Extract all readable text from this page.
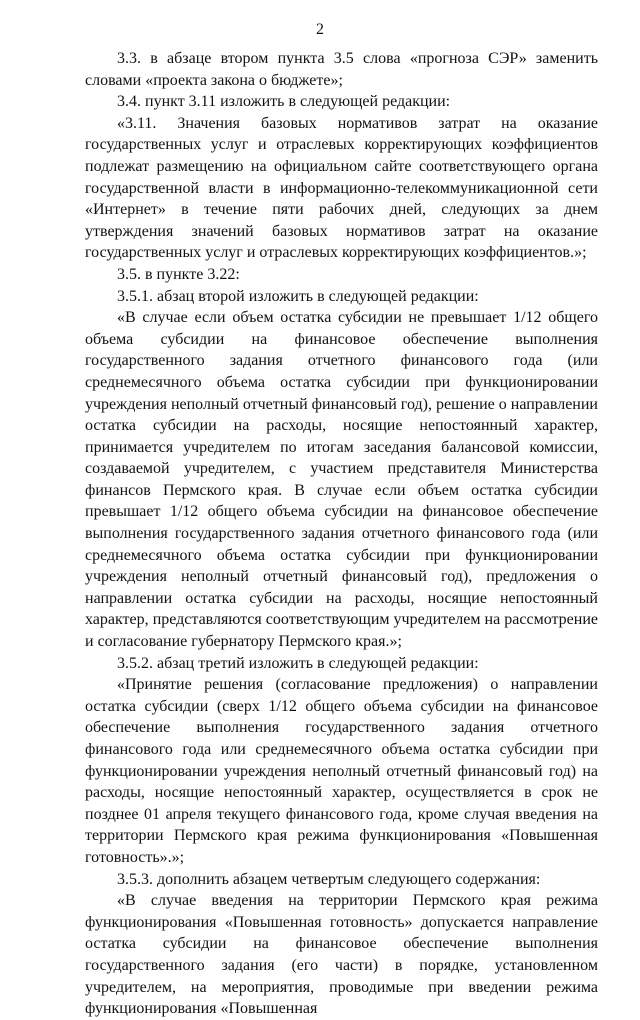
2

3.3. в абзаце втором пункта 3.5 слова «прогноза СЭР» заменить словами «проекта закона о бюджете»;

3.4. пункт 3.11 изложить в следующей редакции:

«3.11. Значения базовых нормативов затрат на оказание государственных услуг и отраслевых корректирующих коэффициентов подлежат размещению на официальном сайте соответствующего органа государственной власти в информационно-телекоммуникационной сети «Интернет» в течение пяти рабочих дней, следующих за днем утверждения значений базовых нормативов затрат на оказание государственных услуг и отраслевых корректирующих коэффициентов.»;

3.5. в пункте 3.22:

3.5.1. абзац второй изложить в следующей редакции:

«В случае если объем остатка субсидии не превышает 1/12 общего объема субсидии на финансовое обеспечение выполнения государственного задания отчетного финансового года (или среднемесячного объема остатка субсидии при функционировании учреждения неполный отчетный финансовый год), решение о направлении остатка субсидии на расходы, носящие непостоянный характер, принимается учредителем по итогам заседания балансовой комиссии, создаваемой учредителем, с участием представителя Министерства финансов Пермского края. В случае если объем остатка субсидии превышает 1/12 общего объема субсидии на финансовое обеспечение выполнения государственного задания отчетного финансового года (или среднемесячного объема остатка субсидии при функционировании учреждения неполный отчетный финансовый год), предложения о направлении остатка субсидии на расходы, носящие непостоянный характер, представляются соответствующим учредителем на рассмотрение и согласование губернатору Пермского края.»;

3.5.2. абзац третий изложить в следующей редакции:

«Принятие решения (согласование предложения) о направлении остатка субсидии (сверх 1/12 общего объема субсидии на финансовое обеспечение выполнения государственного задания отчетного финансового года или среднемесячного объема остатка субсидии при функционировании учреждения неполный отчетный финансовый год) на расходы, носящие непостоянный характер, осуществляется в срок не позднее 01 апреля текущего финансового года, кроме случая введения на территории Пермского края режима функционирования «Повышенная готовность».»;

3.5.3. дополнить абзацем четвертым следующего содержания:

«В случае введения на территории Пермского края режима функционирования «Повышенная готовность» допускается направление остатка субсидии на финансовое обеспечение выполнения государственного задания (его части) в порядке, установленном учредителем, на мероприятия, проводимые при введении режима функционирования «Повышенная
